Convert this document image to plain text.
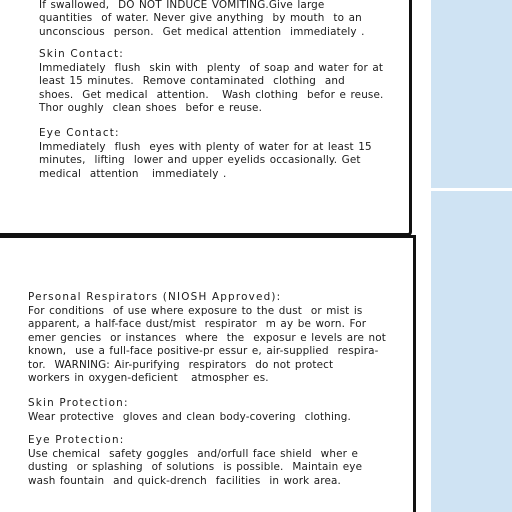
If swallowed,  DO NOT INDUCE VOMITING.Give large
quantities  of water. Never give anything  by mouth  to an
unconscious  person.  Get medical attention  immediately .

Skin Contact:

Immediately  flush  skin with  plenty  of soap and water for at
least 15 minutes.  Remove contaminated  clothing  and
shoes.  Get medical  attention.   Wash clothing  befor e reuse.
Thor oughly  clean shoes  befor e reuse.

Eye Contact:

Immediately  flush  eyes with plenty of water for at least 15
minutes,  lifting  lower and upper eyelids occasionally. Get
medical  attention   immediately .

Personal Respirators (NIOSH Approved):

For conditions  of use where exposure to the dust  or mist is
apparent, a half-face dust/mist  respirator  m ay be worn. For
emer gencies  or instances  where  the  exposur e levels are not
known,  use a full-face positive-pr essur e, air-supplied  respira-
tor.  WARNING: Air-purifying  respirators  do not protect
workers in oxygen-deficient   atmospher es.

Skin Protection:

Wear protective  gloves and clean body-covering  clothing.

Eye Protection:

Use chemical  safety goggles  and/orfull face shield  wher e
dusting  or splashing  of solutions  is possible.  Maintain eye
wash fountain  and quick-drench  facilities  in work area.
